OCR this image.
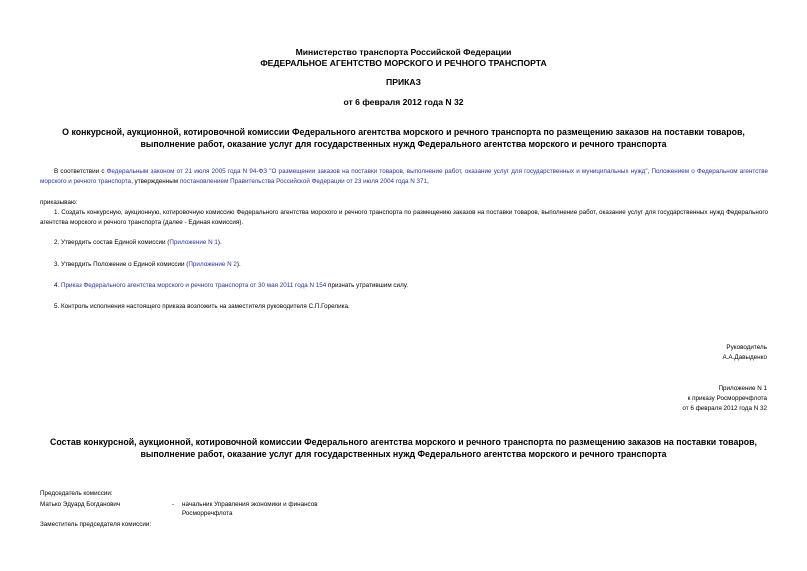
Министерство транспорта Российской Федерации
ФЕДЕРАЛЬНОЕ АГЕНТСТВО МОРСКОГО И РЕЧНОГО ТРАНСПОРТА
ПРИКАЗ
от 6 февраля 2012 года N 32
О конкурсной, аукционной, котировочной комиссии Федерального агентства морского и речного транспорта по размещению заказов на поставки товаров,
выполнение работ, оказание услуг для государственных нужд Федерального агентства морского и речного транспорта
В соответствии с Федеральным законом от 21 июля 2005 года N 94-ФЗ "О размещении заказов на поставки товаров, выполнение работ, оказание услуг для государственных и муниципальных нужд", Положением о Федеральном агентстве морского и речного транспорта, утвержденным постановлением Правительства Российской Федерации от 23 июля 2004 года N 371,
приказываю:
1. Создать конкурсную, аукционную, котировочную комиссию Федерального агентства морского и речного транспорта по размещению заказов на поставки товаров, выполнение работ, оказание услуг для государственных нужд Федерального агентства морского и речного транспорта (далее - Единая комиссия).
2. Утвердить состав Единой комиссии (Приложение N 1).
3. Утвердить Положение о Единой комиссии (Приложение N 2).
4. Приказ Федерального агентства морского и речного транспорта от 30 мая 2011 года N 154 признать утратившим силу.
5. Контроль исполнения настоящего приказа возложить на заместителя руководителя С.П.Горелика.
Руководитель
А.А.Давыденко
Приложение N 1
к приказу Росморречфлота
от 6 февраля 2012 года N 32
Состав конкурсной, аукционной, котировочной комиссии Федерального агентства морского и речного транспорта по размещению заказов на поставки товаров,
выполнение работ, оказание услуг для государственных нужд Федерального агентства морского и речного транспорта
Председатель комиссии:
Матько Эдуард Богданович	- начальник Управления экономики и финансов
Росморречфлота
Заместитель председателя комиссии:
